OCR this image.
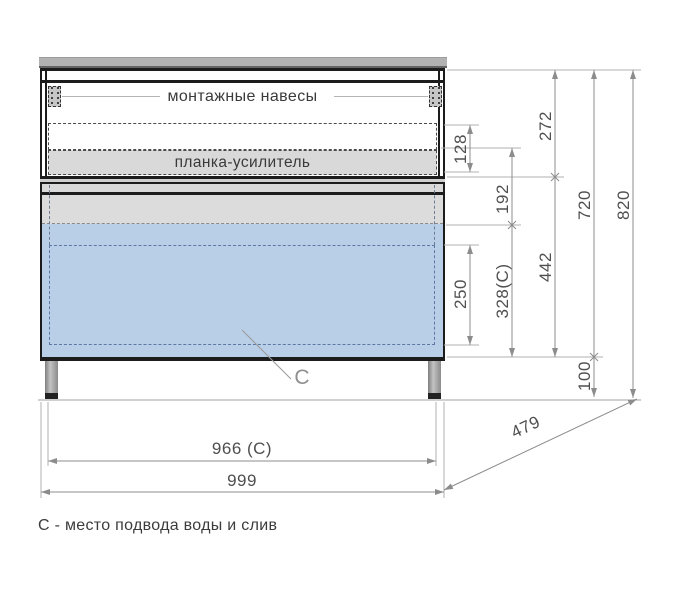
монтажные навесы
планка-усилитель
С - место подвода воды и слив
C
128
250
192
328(C)
272
442
720 820
100
966 (C)
999
479
